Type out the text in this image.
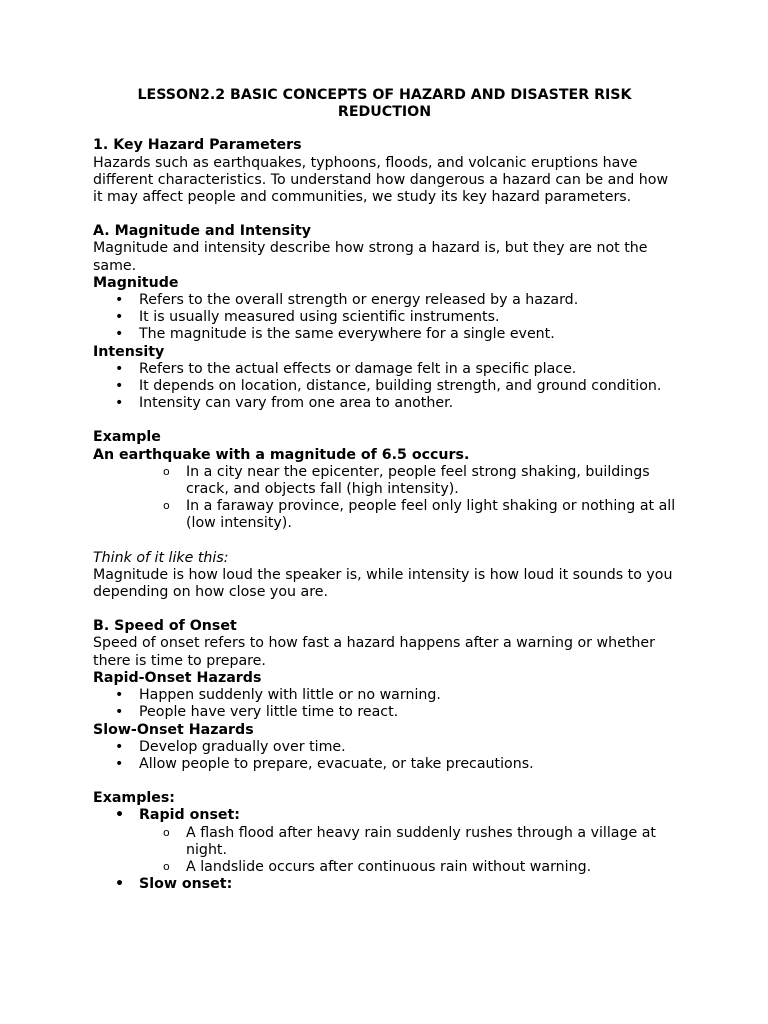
LESSON2.2 BASIC CONCEPTS OF HAZARD AND DISASTER RISK REDUCTION

1. Key Hazard Parameters

Hazards such as earthquakes, typhoons, floods, and volcanic eruptions have different characteristics. To understand how dangerous a hazard can be and how it may affect people and communities, we study its key hazard parameters.

A. Magnitude and Intensity

Magnitude and intensity describe how strong a hazard is, but they are not the same.

Magnitude

• Refers to the overall strength or energy released by a hazard.
• It is usually measured using scientific instruments.
• The magnitude is the same everywhere for a single event.

Intensity

• Refers to the actual effects or damage felt in a specific place.
• It depends on location, distance, building strength, and ground condition.
• Intensity can vary from one area to another.

Example

An earthquake with a magnitude of 6.5 occurs.

o In a city near the epicenter, people feel strong shaking, buildings crack, and objects fall (high intensity).
o In a faraway province, people feel only light shaking or nothing at all (low intensity).

Think of it like this:

Magnitude is how loud the speaker is, while intensity is how loud it sounds to you depending on how close you are.

B. Speed of Onset

Speed of onset refers to how fast a hazard happens after a warning or whether there is time to prepare.

Rapid-Onset Hazards

• Happen suddenly with little or no warning.
• People have very little time to react.

Slow-Onset Hazards

• Develop gradually over time.
• Allow people to prepare, evacuate, or take precautions.

Examples:

• Rapid onset:
o A flash flood after heavy rain suddenly rushes through a village at night.
o A landslide occurs after continuous rain without warning.
• Slow onset:
